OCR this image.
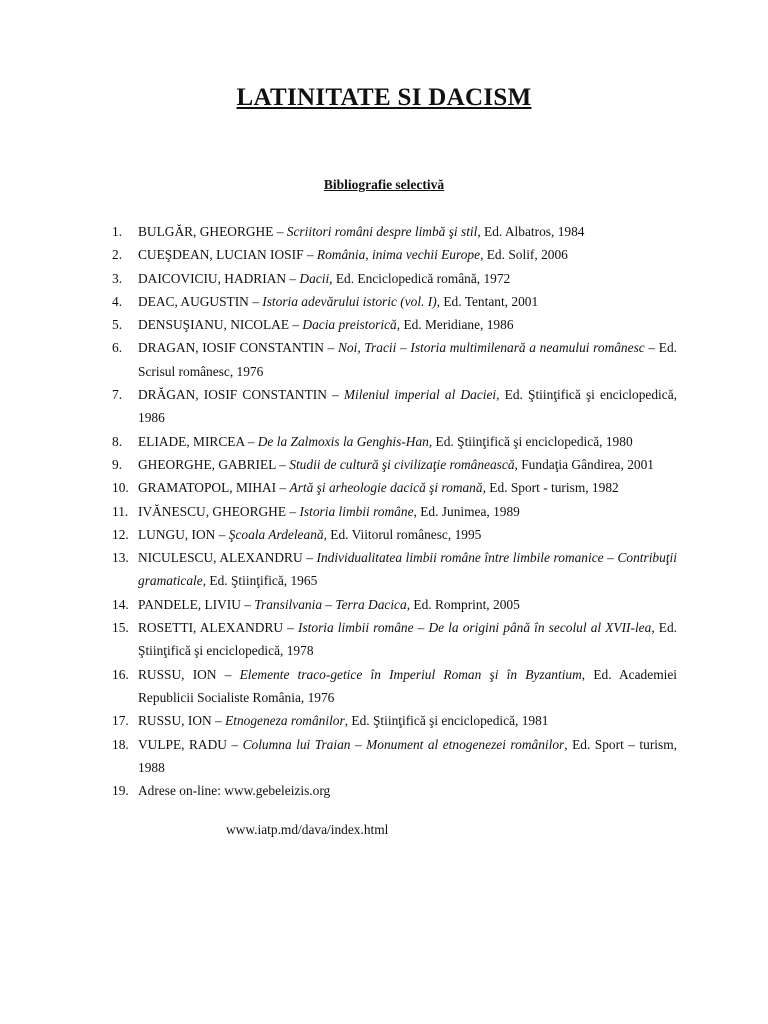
LATINITATE SI DACISM
Bibliografie selectivă
1. BULGĂR, GHEORGHE – Scriitori români despre limbă şi stil, Ed. Albatros, 1984
2. CUEŞDEAN, LUCIAN IOSIF – România, inima vechii Europe, Ed. Solif, 2006
3. DAICOVICIU, HADRIAN – Dacii, Ed. Enciclopedică română, 1972
4. DEAC, AUGUSTIN – Istoria adevărului istoric (vol. I), Ed. Tentant, 2001
5. DENSUŞIANU, NICOLAE – Dacia preistorică, Ed. Meridiane, 1986
6. DRAGAN, IOSIF CONSTANTIN – Noi, Tracii – Istoria multimilenară a neamului românesc – Ed. Scrisul românesc, 1976
7. DRĂGAN, IOSIF CONSTANTIN – Mileniul imperial al Daciei, Ed. Ştiinţifică şi enciclopedică, 1986
8. ELIADE, MIRCEA – De la Zalmoxis la Genghis-Han, Ed. Ştiinţifică şi enciclopedică, 1980
9. GHEORGHE, GABRIEL – Studii de cultură şi civilizaţie românească, Fundaţia Gândirea, 2001
10. GRAMATOPOL, MIHAI – Artă şi arheologie dacică şi romană, Ed. Sport - turism, 1982
11. IVĂNESCU, GHEORGHE – Istoria limbii române, Ed. Junimea, 1989
12. LUNGU, ION – Şcoala Ardeleană, Ed. Viitorul românesc, 1995
13. NICULESCU, ALEXANDRU – Individualitatea limbii române între limbile romanice – Contribuţii gramaticale, Ed. Ştiinţifică, 1965
14. PANDELE, LIVIU – Transilvania – Terra Dacica, Ed. Romprint, 2005
15. ROSETTI, ALEXANDRU – Istoria limbii române – De la origini până în secolul al XVII-lea, Ed. Ştiinţifică şi enciclopedică, 1978
16. RUSSU, ION – Elemente traco-getice în Imperiul Roman şi în Byzantium, Ed. Academiei Republicii Socialiste România, 1976
17. RUSSU, ION – Etnogeneza românilor, Ed. Ştiinţifică şi enciclopedică, 1981
18. VULPE, RADU – Columna lui Traian – Monument al etnogenezei românilor, Ed. Sport – turism, 1988
19. Adrese on-line: www.gebeleizis.org
www.iatp.md/dava/index.html
